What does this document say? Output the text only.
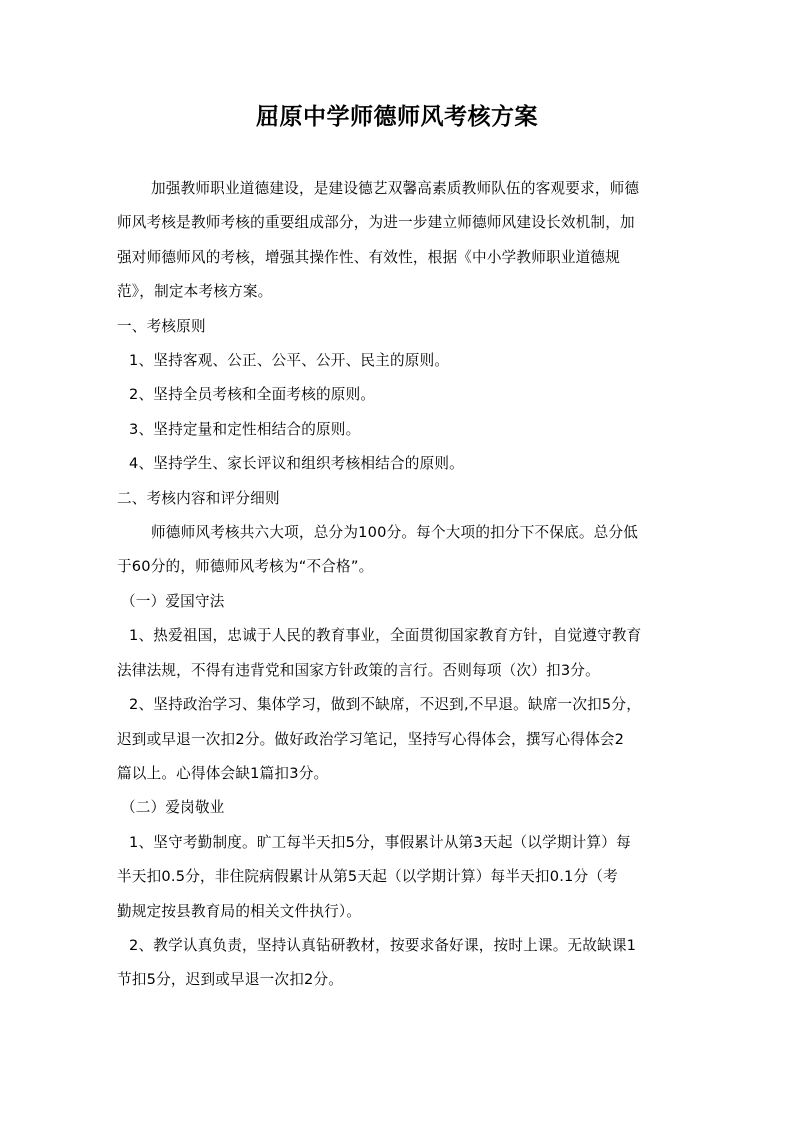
屈原中学师德师风考核方案

加强教师职业道德建设，是建设德艺双馨高素质教师队伍的客观要求，师德

师风考核是教师考核的重要组成部分，为进一步建立师德师风建设长效机制，加

强对师德师风的考核，增强其操作性、有效性，根据《中小学教师职业道德规

范》，制定本考核方案。

一、考核原则

1、坚持客观、公正、公平、公开、民主的原则。

2、坚持全员考核和全面考核的原则。

3、坚持定量和定性相结合的原则。

4、坚持学生、家长评议和组织考核相结合的原则。

二、考核内容和评分细则

师德师风考核共六大项，总分为100分。每个大项的扣分下不保底。总分低

于60分的，师德师风考核为“不合格”。

（一）爱国守法

1、热爱祖国，忠诚于人民的教育事业，全面贯彻国家教育方针，自觉遵守教育

法律法规，不得有违背党和国家方针政策的言行。否则每项（次）扣3分。

2、坚持政治学习、集体学习，做到不缺席，不迟到,不早退。缺席一次扣5分，

迟到或早退一次扣2分。做好政治学习笔记，坚持写心得体会，撰写心得体会2

篇以上。心得体会缺1篇扣3分。

（二）爱岗敬业

1、坚守考勤制度。旷工每半天扣5分，事假累计从第3天起（以学期计算）每

半天扣0.5分，非住院病假累计从第5天起（以学期计算）每半天扣0.1分（考

勤规定按县教育局的相关文件执行）。

2、教学认真负责，坚持认真钻研教材，按要求备好课，按时上课。无故缺课1

节扣5分，迟到或早退一次扣2分。
